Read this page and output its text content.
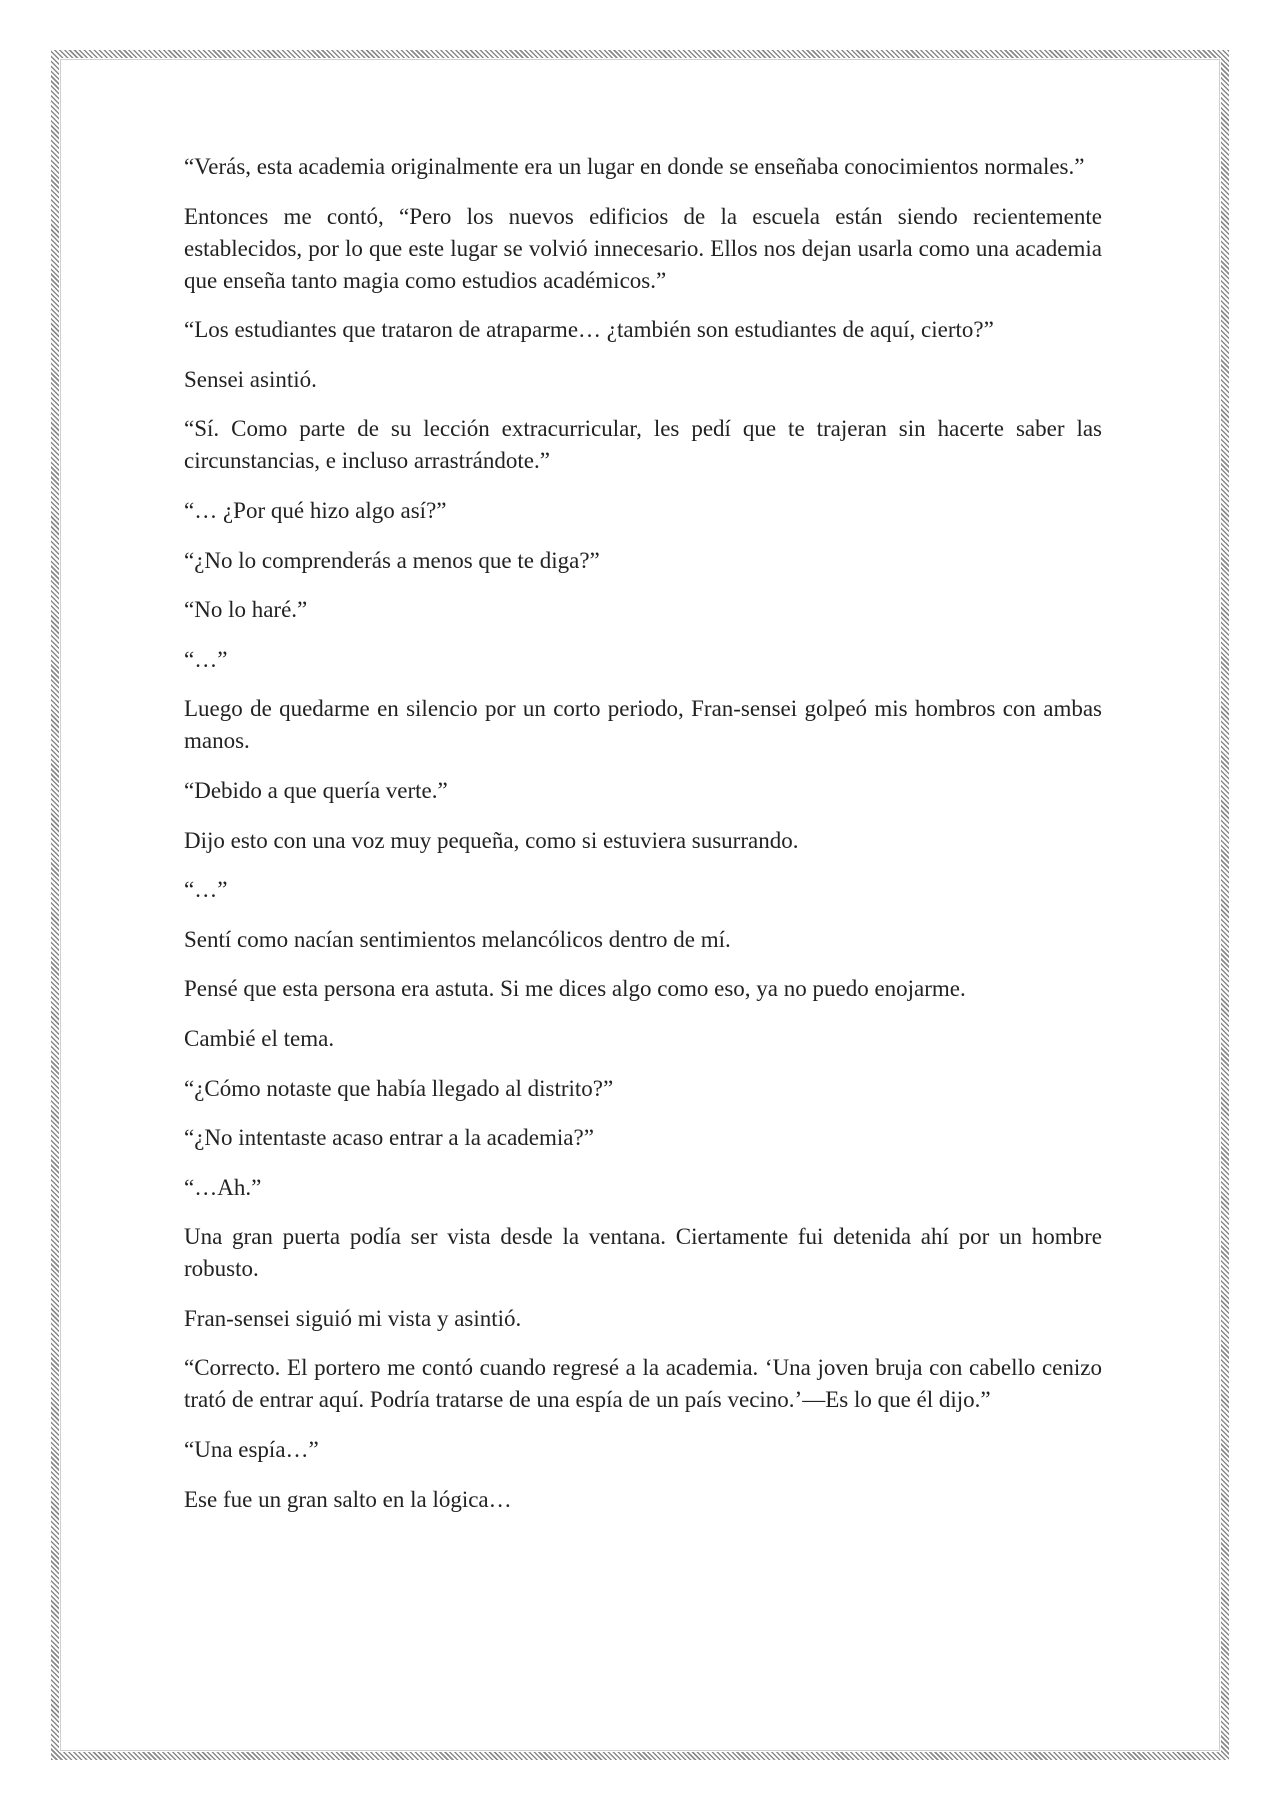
“Verás, esta academia originalmente era un lugar en donde se enseñaba conocimientos normales.”

Entonces me contó, “Pero los nuevos edificios de la escuela están siendo recientemente establecidos, por lo que este lugar se volvió innecesario. Ellos nos dejan usarla como una academia que enseña tanto magia como estudios académicos.”

“Los estudiantes que trataron de atraparme… ¿también son estudiantes de aquí, cierto?”

Sensei asintió.

“Sí. Como parte de su lección extracurricular, les pedí que te trajeran sin hacerte saber las circunstancias, e incluso arrastrándote.”

“… ¿Por qué hizo algo así?”

“¿No lo comprenderás a menos que te diga?”

“No lo haré.”

“…”

Luego de quedarme en silencio por un corto periodo, Fran-sensei golpeó mis hombros con ambas manos.

“Debido a que quería verte.”

Dijo esto con una voz muy pequeña, como si estuviera susurrando.

“…”

Sentí como nacían sentimientos melancólicos dentro de mí.

Pensé que esta persona era astuta. Si me dices algo como eso, ya no puedo enojarme.

Cambié el tema.

“¿Cómo notaste que había llegado al distrito?”

“¿No intentaste acaso entrar a la academia?”

“…Ah.”

Una gran puerta podía ser vista desde la ventana. Ciertamente fui detenida ahí por un hombre robusto.

Fran-sensei siguió mi vista y asintió.

“Correcto. El portero me contó cuando regresé a la academia. ‘Una joven bruja con cabello cenizo trató de entrar aquí. Podría tratarse de una espía de un país vecino.’—Es lo que él dijo.”

“Una espía…”

Ese fue un gran salto en la lógica…
